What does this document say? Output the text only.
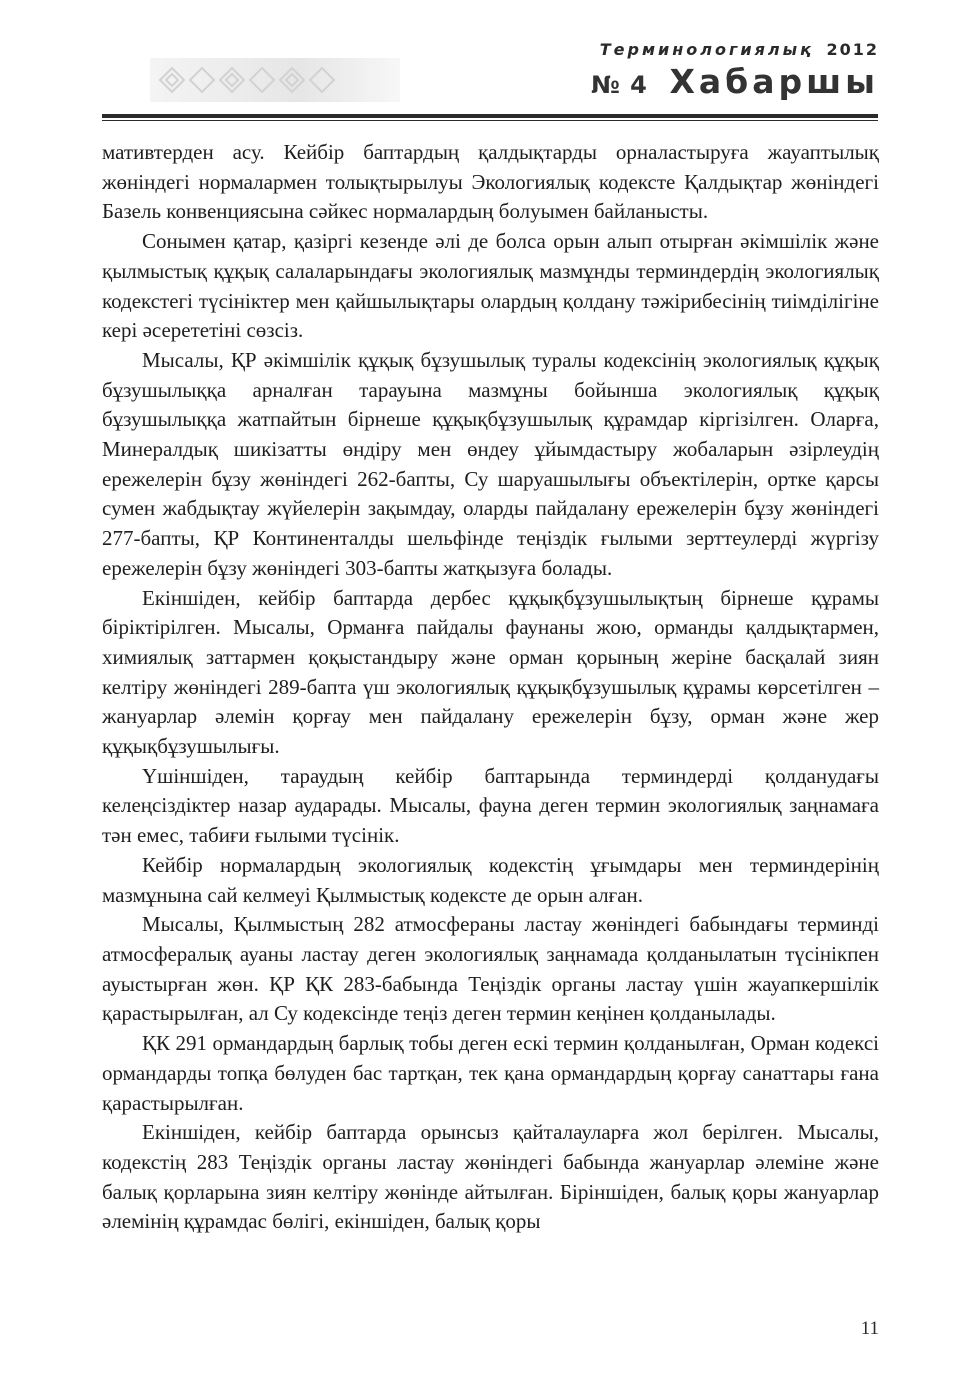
Терминологиялық 2012
№ 4 Хабаршы

мативтерден асу. Кейбір баптардың қалдықтарды орналастыруға жауаптылық жөніндегі нормалармен толықтырылуы Экологиялық кодексте Қалдықтар жөніндегі Базель конвенциясына сәйкес нормалардың болуымен байланысты.

Сонымен қатар, қазіргі кезенде әлі де болса орын алып отырған әкімшілік және қылмыстық құқық салаларындағы экологиялық мазмұнды терминдердің экологиялық кодекстегі түсініктер мен қайшылықтары олардың қолдану тәжірибесінің тиімділігіне кері әсерететіні сөзсіз.

Мысалы, ҚР әкімшілік құқық бұзушылық туралы кодексінің экологиялық құқық бұзушылыққа арналған тарауына мазмұны бойынша экологиялық құқық бұзушылыққа жатпайтын бірнеше құқықбұзушылық құрамдар кіргізілген. Оларға, Минералдық шикізатты өндіру мен өндеу ұйымдастыру жобаларын әзірлеудің ережелерін бұзу жөніндегі 262-бапты, Су шаруашылығы объектілерін, ортке қарсы сумен жабдықтау жүйелерін зақымдау, оларды пайдалану ережелерін бұзу жөніндегі 277-бапты, ҚР Континенталды шельфінде теңіздік ғылыми зерттеулерді жүргізу ережелерін бұзу жөніндегі 303-бапты жатқызуға болады.

Екіншіден, кейбір баптарда дербес құқықбұзушылықтың бірнеше құрамы біріктірілген. Мысалы, Орманға пайдалы фаунаны жою, орманды қалдықтармен, химиялық заттармен қоқыстандыру және орман қорының жеріне басқалай зиян келтіру жөніндегі 289-бапта үш экологиялық құқықбұзушылық құрамы көрсетілген – жануарлар әлемін қорғау мен пайдалану ережелерін бұзу, орман және жер құқықбұзушылығы.

Үшіншіден, тараудың кейбір баптарында терминдерді қолданудағы келеңсіздіктер назар аударады. Мысалы, фауна деген термин экологиялық заңнамаға тән емес, табиғи ғылыми түсінік.

Кейбір нормалардың экологиялық кодекстің ұғымдары мен терминдерінің мазмұнына сай келмеуі Қылмыстық кодексте де орын алған.

Мысалы, Қылмыстың 282 атмосфераны ластау жөніндегі бабындағы терминді атмосфералық ауаны ластау деген экологиялық заңнамада қолданылатын түсінікпен ауыстырған жөн. ҚР ҚК 283-бабында Теңіздік органы ластау үшін жауапкершілік қарастырылған, ал Су кодексінде теңіз деген термин кеңінен қолданылады.

ҚК 291 ормандардың барлық тобы деген ескі термин қолданылған, Орман кодексі ормандарды топқа бөлуден бас тартқан, тек қана ормандардың қорғау санаттары ғана қарастырылған.

Екіншіден, кейбір баптарда орынсыз қайталауларға жол берілген. Мысалы, кодекстің 283 Теңіздік органы ластау жөніндегі бабында жануарлар әлеміне және балық қорларына зиян келтіру жөнінде айтылған. Біріншіден, балық қоры жануарлар әлемінің құрамдас бөлігі, екіншіден, балық қоры

11
